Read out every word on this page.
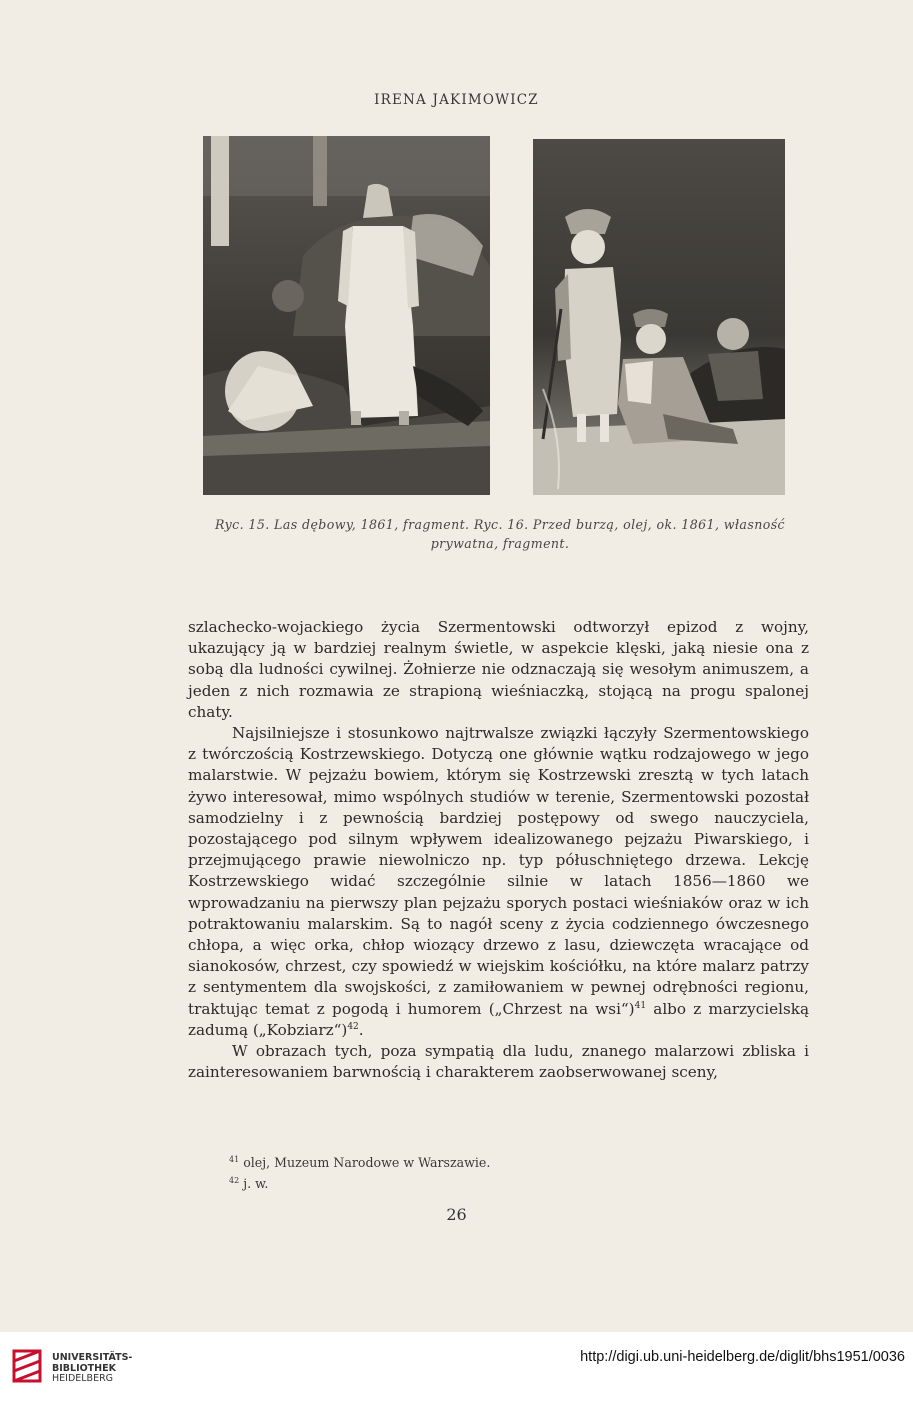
IRENA JAKIMOWICZ
Ryc. 15. Las dębowy, 1861, fragment. Ryc. 16. Przed burzą, olej, ok. 1861, własność
prywatna, fragment.

szlachecko-wojackiego życia Szermentowski odtworzył epizod z wojny, ukazujący ją w bardziej realnym świetle, w aspekcie klęski, jaką niesie ona z sobą dla ludności cywilnej. Żołnierze nie odznaczają się wesołym animuszem, a jeden z nich rozmawia ze strapioną wieśniaczką, stojącą na progu spalonej chaty.

Najsilniejsze i stosunkowo najtrwalsze związki łączyły Szermentowskiego z twórczością Kostrzewskiego. Dotyczą one głównie wątku rodzajowego w jego malarstwie. W pejzażu bowiem, którym się Kostrzewski zresztą w tych latach żywo interesował, mimo wspólnych studiów w terenie, Szermentowski pozostał samodzielny i z pewnością bardziej postępowy od swego nauczyciela, pozostającego pod silnym wpływem idealizowanego pejzażu Piwarskiego, i przejmującego prawie niewolniczo np. typ półuschniętego drzewa. Lekcję Kostrzewskiego widać szczególnie silnie w latach 1856—1860 we wprowadzaniu na pierwszy plan pejzażu sporych postaci wieśniaków oraz w ich potraktowaniu malarskim. Są to nagół sceny z życia codziennego ówczesnego chłopa, a więc orka, chłop wiozący drzewo z lasu, dziewczęta wracające od sianokosów, chrzest, czy spowiedź w wiejskim kościółku, na które malarz patrzy z sentymentem dla swojskości, z zamiłowaniem w pewnej odrębności regionu, traktując temat z pogodą i humorem („Chrzest na wsi“)$^{41}$ albo z marzycielską zadumą („Kobziarz“)$^{42}$.

W obrazach tych, poza sympatią dla ludu, znanego malarzowi zbliska i zainteresowaniem barwnością i charakterem zaobserwowanej sceny,

$^{41}$ olej, Muzeum Narodowe w Warszawie.
$^{42}$ j. w.
26
UNIVERSITÄTS-
BIBLIOTHEK
HEIDELBERG
http://digi.ub.uni-heidelberg.de/diglit/bhs1951/0036
